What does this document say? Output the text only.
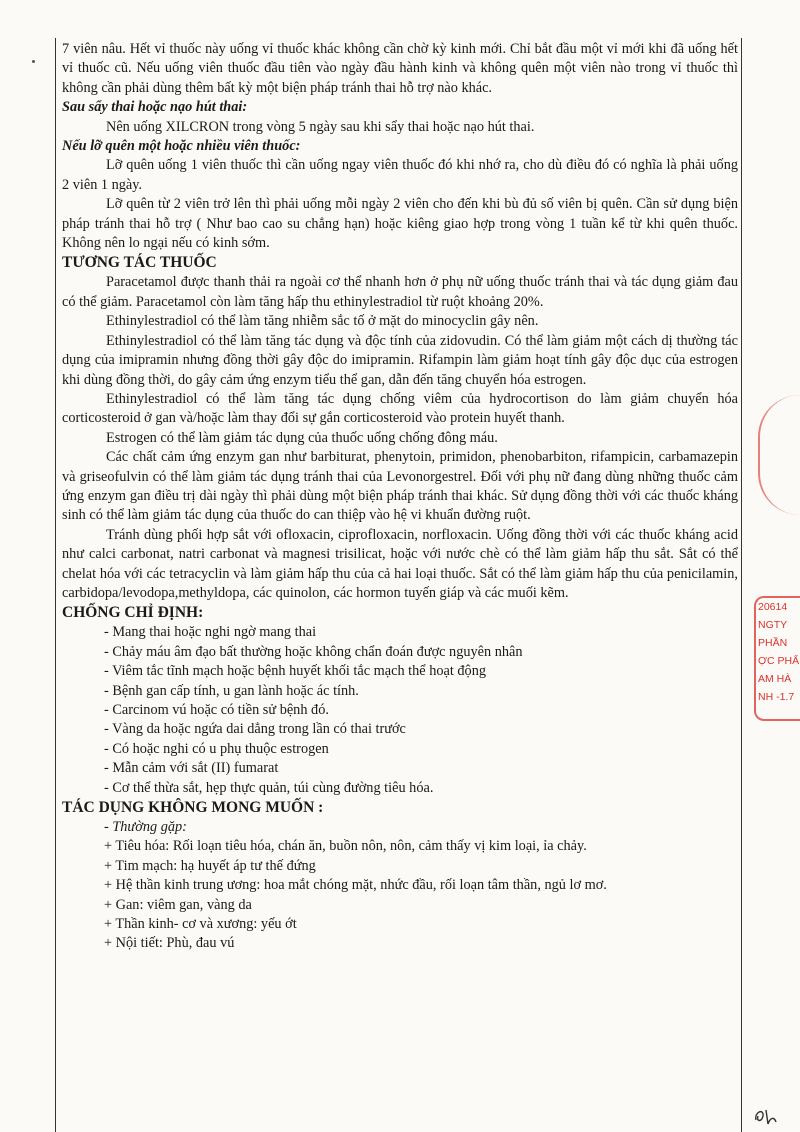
7 viên nâu. Hết vỉ thuốc này uống vỉ thuốc khác không cần chờ kỳ kinh mới. Chỉ bắt đầu một vỉ mới khi đã uống hết vỉ thuốc cũ. Nếu uống viên thuốc đầu tiên vào ngày đầu hành kinh và không quên một viên nào trong vỉ thuốc thì không cần phải dùng thêm bất kỳ một biện pháp tránh thai hỗ trợ nào khác.

Sau sẩy thai hoặc nạo hút thai:

Nên uống XILCRON trong vòng 5 ngày sau khi sẩy thai hoặc nạo hút thai.

Nếu lỡ quên một hoặc nhiều viên thuốc:

Lỡ quên uống 1 viên thuốc thì cần uống ngay viên thuốc đó khi nhớ ra, cho dù điều đó có nghĩa là phải uống 2 viên 1 ngày.

Lỡ quên từ 2 viên trở lên thì phải uống mỗi ngày 2 viên cho đến khi bù đủ số viên bị quên. Cần sử dụng biện pháp tránh thai hỗ trợ ( Như bao cao su chẳng hạn) hoặc kiêng giao hợp trong vòng 1 tuần kể từ khi quên thuốc. Không nên lo ngại nếu có kinh sớm.

TƯƠNG TÁC THUỐC

Paracetamol được thanh thải ra ngoài cơ thể nhanh hơn ở phụ nữ uống thuốc tránh thai và tác dụng giảm đau có thể giảm. Paracetamol còn làm tăng hấp thu ethinylestradiol từ ruột khoảng 20%.

Ethinylestradiol có thể làm tăng nhiễm sắc tố ở mặt do minocyclin gây nên.

Ethinylestradiol có thể làm tăng tác dụng và độc tính của zidovudin. Có thể làm giảm một cách dị thường tác dụng của imipramin nhưng đồng thời gây độc do imipramin. Rifampin làm giảm hoạt tính gây độc dục của estrogen khi dùng đồng thời, do gây cảm ứng enzym tiểu thể gan, dẫn đến tăng chuyển hóa estrogen.

Ethinylestradiol có thể làm tăng tác dụng chống viêm của hydrocortison do làm giảm chuyển hóa corticosteroid ở gan và/hoặc làm thay đổi sự gắn corticosteroid vào protein huyết thanh.

Estrogen có thể làm giảm tác dụng của thuốc uống chống đông máu.

Các chất cảm ứng enzym gan như barbiturat, phenytoin, primidon, phenobarbiton, rifampicin, carbamazepin và griseofulvin có thể làm giảm tác dụng tránh thai của Levonorgestrel. Đối với phụ nữ đang dùng những thuốc cảm ứng enzym gan điều trị dài ngày thì phải dùng một biện pháp tránh thai khác. Sử dụng đồng thời với các thuốc kháng sinh có thể làm giảm tác dụng của thuốc do can thiệp vào hệ vi khuẩn đường ruột.

Tránh dùng phối hợp sắt với ofloxacin, ciprofloxacin, norfloxacin. Uống đồng thời với các thuốc kháng acid như calci carbonat, natri carbonat và magnesi trisilicat, hoặc với nước chè có thể làm giảm hấp thu sắt. Sắt có thể chelat hóa với các tetracyclin và làm giảm hấp thu của cả hai loại thuốc. Sắt có thể làm giảm hấp thu của penicilamin, carbidopa/levodopa,methyldopa, các quinolon, các hormon tuyến giáp và các muối kẽm.

CHỐNG CHỈ ĐỊNH:

- Mang thai hoặc nghi ngờ mang thai

- Chảy máu âm đạo bất thường hoặc không chẩn đoán được nguyên nhân

- Viêm tắc tĩnh mạch hoặc bệnh huyết khối tắc mạch thể hoạt động

- Bệnh gan cấp tính, u gan lành hoặc ác tính.

- Carcinom vú hoặc có tiền sử bệnh đó.

- Vàng da hoặc ngứa dai dẳng trong lần có thai trước

- Có hoặc nghi có u phụ thuộc estrogen

- Mẫn cảm với sắt (II) fumarat

- Cơ thể thừa sắt, hẹp thực quản, túi cùng đường tiêu hóa.

TÁC DỤNG KHÔNG MONG MUỐN :

- Thường gặp:

+ Tiêu hóa: Rối loạn tiêu hóa, chán ăn, buồn nôn, nôn, cảm thấy vị kim loại, ỉa chảy.

+ Tim mạch: hạ huyết áp tư thế đứng

+ Hệ thần kinh trung ương: hoa mắt chóng mặt, nhức đầu, rối loạn tâm thần, ngủ lơ mơ.

+ Gan: viêm gan, vàng da

+ Thần kinh- cơ và xương: yếu ớt

+ Nội tiết: Phù, đau vú

20614
NGTY
PHẦN
ỢC PHẨ
AM HÀ
NH -1.7
